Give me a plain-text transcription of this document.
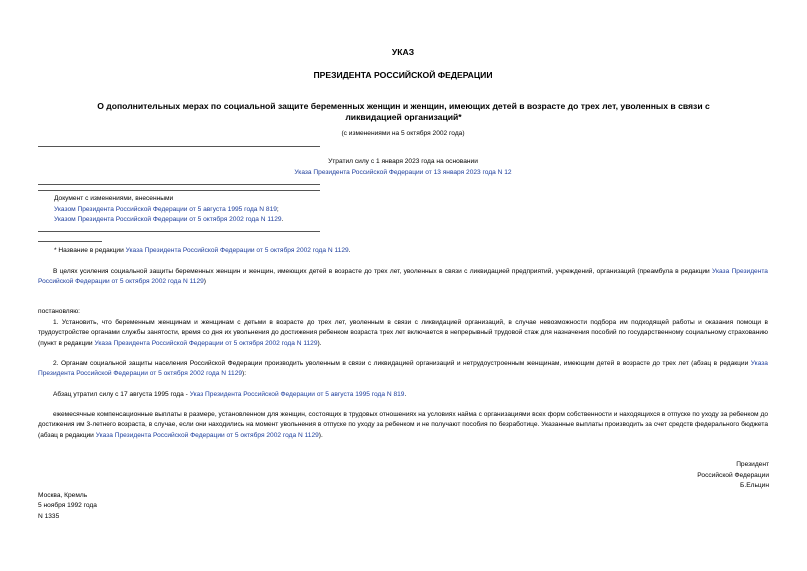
УКАЗ
ПРЕЗИДЕНТА РОССИЙСКОЙ ФЕДЕРАЦИИ
О дополнительных мерах по социальной защите беременных женщин и женщин, имеющих детей в возрасте до трех лет, уволенных в связи с ликвидацией организаций*
(с изменениями на 5 октября 2002 года)
Утратил силу с 1 января 2023 года на основании
Указа Президента Российской Федерации от 13 января 2023 года N 12
Документ с изменениями, внесенными
Указом Президента Российской Федерации от 5 августа 1995 года N 819;
Указом Президента Российской Федерации от 5 октября 2002 года N 1129.
* Название в редакции Указа Президента Российской Федерации от 5 октября 2002 года N 1129.
В целях усиления социальной защиты беременных женщин и женщин, имеющих детей в возрасте до трех лет, уволенных в связи с ликвидацией предприятий, учреждений, организаций (преамбула в редакции Указа Президента Российской Федерации от 5 октября 2002 года N 1129)
постановляю:
1. Установить, что беременным женщинам и женщинам с детьми в возрасте до трех лет, уволенным в связи с ликвидацией организаций, в случае невозможности подбора им подходящей работы и оказания помощи в трудоустройстве органами службы занятости, время со дня их увольнения до достижения ребенком возраста трех лет включается в непрерывный трудовой стаж для назначения пособий по государственному социальному страхованию (пункт в редакции Указа Президента Российской Федерации от 5 октября 2002 года N 1129).
2. Органам социальной защиты населения Российской Федерации производить уволенным в связи с ликвидацией организаций и нетрудоустроенным женщинам, имеющим детей в возрасте до трех лет (абзац в редакции Указа Президента Российской Федерации от 5 октября 2002 года N 1129):
Абзац утратил силу с 17 августа 1995 года - Указ Президента Российской Федерации от 5 августа 1995 года N 819.
ежемесячные компенсационные выплаты в размере, установленном для женщин, состоящих в трудовых отношениях на условиях найма с организациями всех форм собственности и находящихся в отпуске по уходу за ребенком до достижения им 3-летнего возраста, в случае, если они находились на момент увольнения в отпуске по уходу за ребенком и не получают пособия по безработице. Указанные выплаты производить за счет средств федерального бюджета (абзац в редакции Указа Президента Российской Федерации от 5 октября 2002 года N 1129).
Президент
Российской Федерации
Б.Ельцин
Москва, Кремль
5 ноября 1992 года
N 1335
